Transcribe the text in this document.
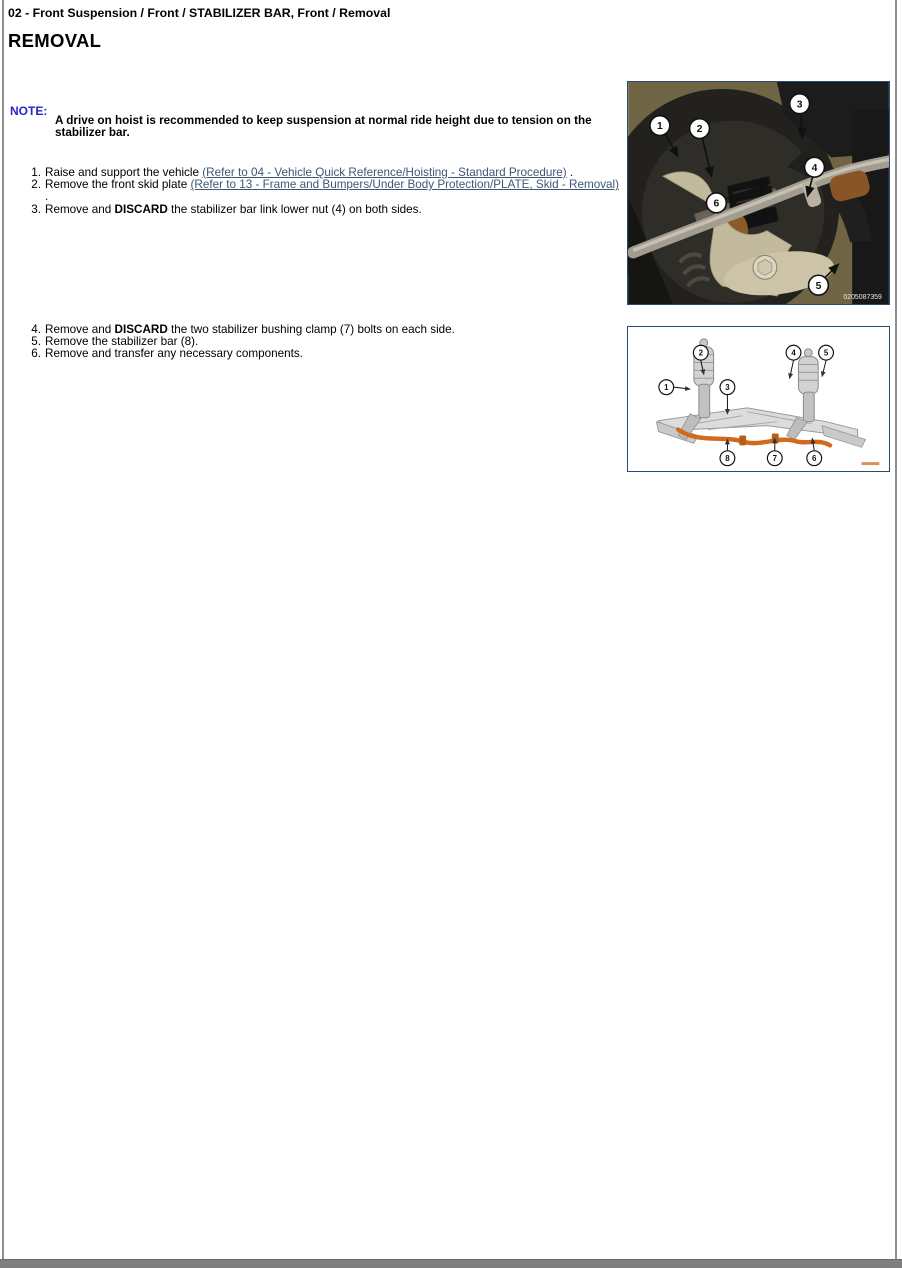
02 - Front Suspension / Front / STABILIZER BAR, Front / Removal
REMOVAL
NOTE:
A drive on hoist is recommended to keep suspension at normal ride height due to tension on the stabilizer bar.
1. Raise and support the vehicle (Refer to 04 - Vehicle Quick Reference/Hoisting - Standard Procedure) .
2. Remove the front skid plate (Refer to 13 - Frame and Bumpers/Under Body Protection/PLATE, Skid - Removal)
.
3. Remove and DISCARD the stabilizer bar link lower nut (4) on both sides.
4. Remove and DISCARD the two stabilizer bushing clamp (7) bolts on each side.
5. Remove the stabilizer bar (8).
6. Remove and transfer any necessary components.
1	2
3
4
5
6
0205087359
2
1	3
4	5
8	7	6
